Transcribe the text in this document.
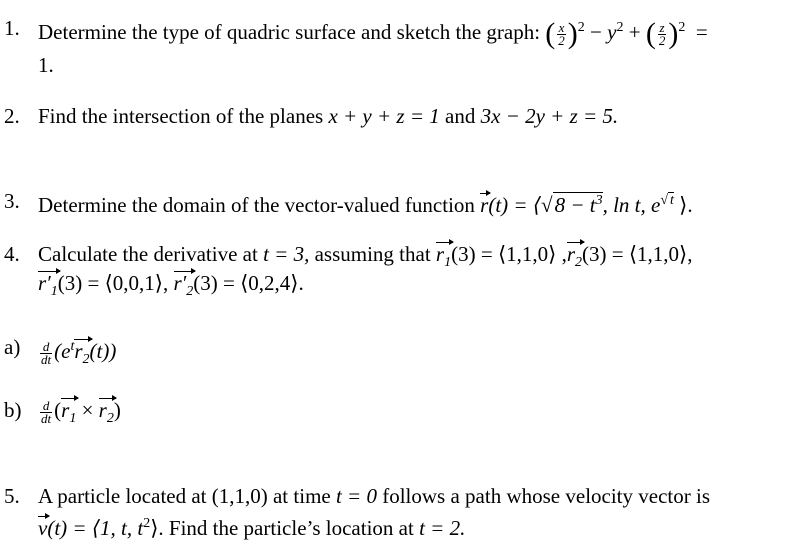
1. Determine the type of quadric surface and sketch the graph: ( $\frac{x}{2} )^2 - y^2$ + ( $\frac{z}{2} )^2$ =
1.
2. Find the intersection of the planes x + y + z = 1 and 3x − 2y + z = 5.
3. Determine the domain of the vector-valued function r(t) = ⟨√8 − $t^3$, ln t, $e^{√ t}$ ⟩.
4. Calculate the derivative at t = 3, assuming that $r_1(3)$ = ⟨1,1,0⟩ $,r_2(3)$ = ⟨1,1,0⟩,
$r'_1(3)$ = ⟨0,0,1⟩, $r'_2(3)$ = ⟨0,2,4⟩.
$a) \frac{d}{dt} (e^tr_2(t))$
$b) \frac{d}{dt} (r_1 \times r_2)$
5. A particle located at (1,1,0) at time t = 0 follows a path whose velocity vector is
v(t) = ⟨1, t, $t^2⟩$. Find the particle’s location at t = 2.
